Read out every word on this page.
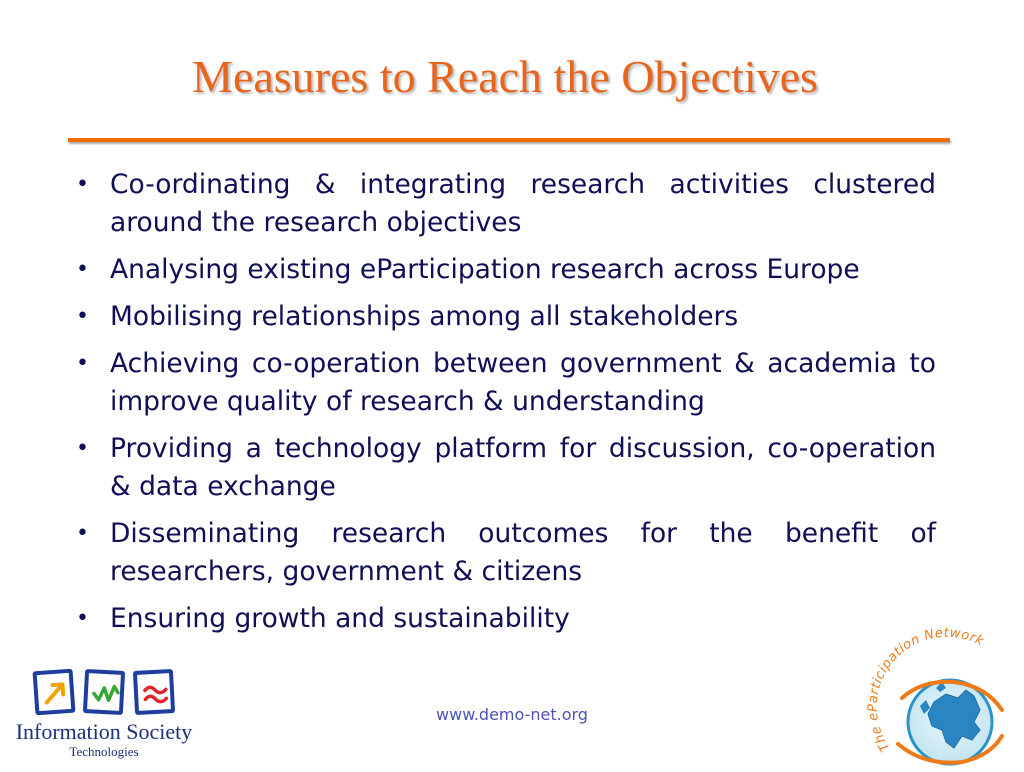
Measures to Reach the Objectives
• Co-ordinating & integrating research activities clustered around the research objectives
• Analysing existing eParticipation research across Europe
• Mobilising relationships among all stakeholders
• Achieving co-operation between government & academia to improve quality of research & understanding
• Providing a technology platform for discussion, co-operation & data exchange
• Disseminating research outcomes for the benefit of researchers, government & citizens
• Ensuring growth and sustainability
Information Society
Technologies
www.demo-net.org
The eParticipation Network
